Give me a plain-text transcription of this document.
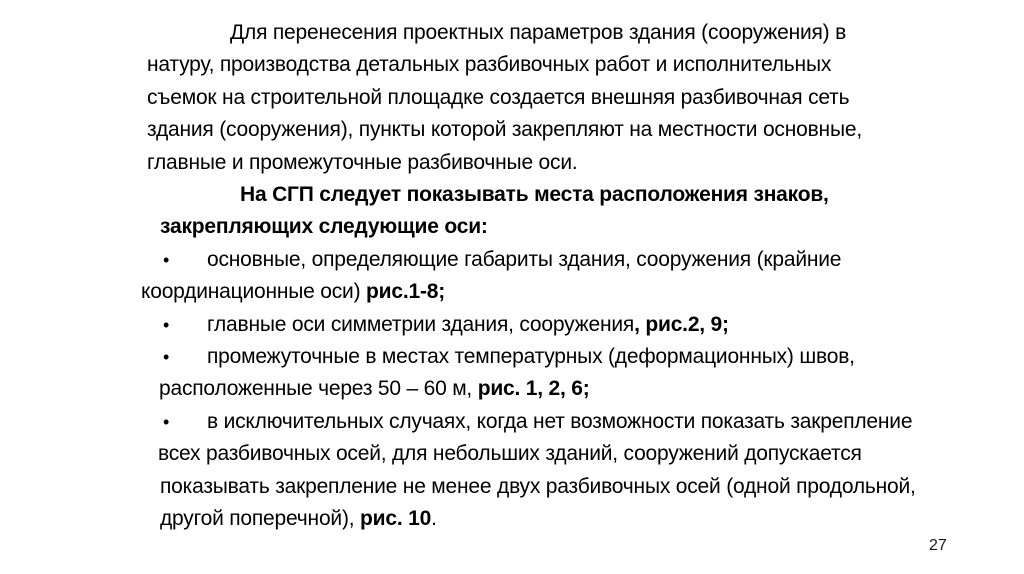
Для перенесения проектных параметров здания (сооружения) в
натуру, производства детальных разбивочных работ и исполнительных
съемок на строительной площадке создается внешняя разбивочная сеть
здания (сооружения), пункты которой закрепляют на местности основные,
главные и промежуточные разбивочные оси.
На СГП следует показывать места расположения знаков,
закрепляющих следующие оси:
• основные, определяющие габариты здания, сооружения (крайние
координационные оси) рис.1-8;
• главные оси симметрии здания, сооружения, рис.2, 9;
• промежуточные в местах температурных (деформационных) швов,
расположенные через 50 – 60 м, рис. 1, 2, 6;
• в исключительных случаях, когда нет возможности показать закрепление
всех разбивочных осей, для небольших зданий, сооружений допускается
показывать закрепление не менее двух разбивочных осей (одной продольной,
другой поперечной), рис. 10.
27
